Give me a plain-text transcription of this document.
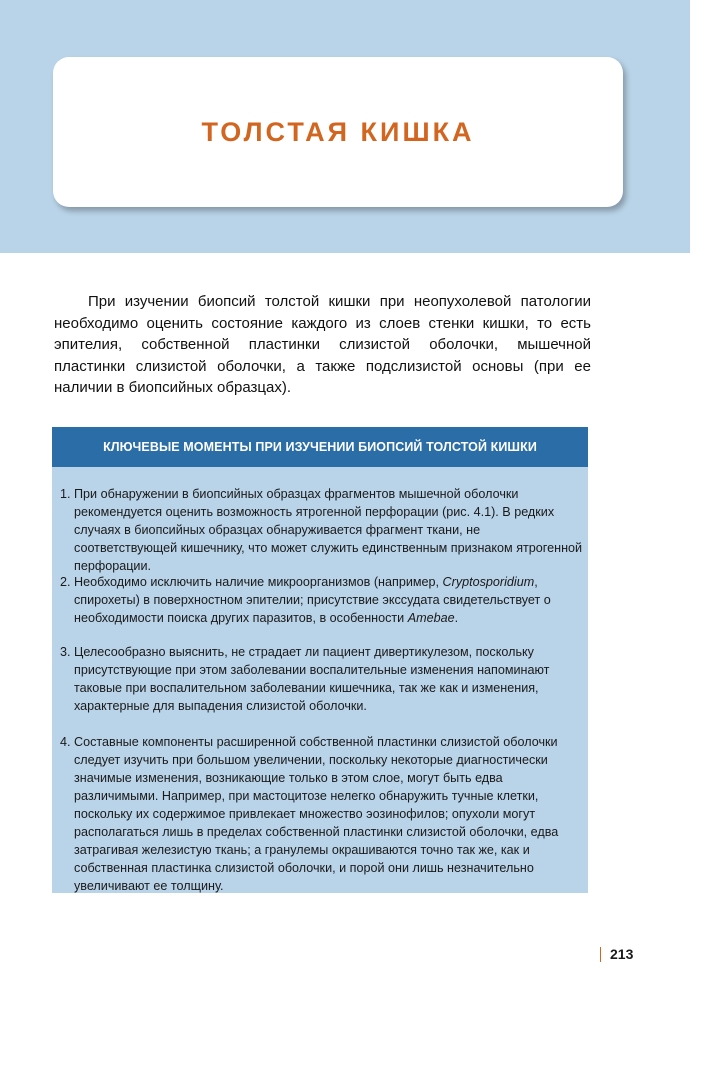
ТОЛСТАЯ КИШКА

При изучении биопсий толстой кишки при неопухолевой патологии необходимо оценить состояние каждого из слоев стенки кишки, то есть эпителия, собственной пластинки слизистой оболочки, мышечной пластинки слизистой оболочки, а также подслизистой основы (при ее наличии в биопсийных образцах).

КЛЮЧЕВЫЕ МОМЕНТЫ ПРИ ИЗУЧЕНИИ БИОПСИЙ ТОЛСТОЙ КИШКИ
1. При обнаружении в биопсийных образцах фрагментов мышечной оболочки рекомендуется оценить возможность ятрогенной перфорации (рис. 4.1). В редких случаях в биопсийных образцах обнаруживается фрагмент ткани, не соответствующей кишечнику, что может служить единственным признаком ятрогенной перфорации.
2. Необходимо исключить наличие микроорганизмов (например, Cryptosporidium, спирохеты) в поверхностном эпителии; присутствие экссудата свидетельствует о необходимости поиска других паразитов, в особенности Amebae.
3. Целесообразно выяснить, не страдает ли пациент дивертикулезом, поскольку присутствующие при этом заболевании воспалительные изменения напоминают таковые при воспалительном заболевании кишечника, так же как и изменения, характерные для выпадения слизистой оболочки.
4. Составные компоненты расширенной собственной пластинки слизистой оболочки следует изучить при большом увеличении, поскольку некоторые диагностически значимые изменения, возникающие только в этом слое, могут быть едва различимыми. Например, при мастоцитозе нелегко обнаружить тучные клетки, поскольку их содержимое привлекает множество эозинофилов; опухоли могут располагаться лишь в пределах собственной пластинки слизистой оболочки, едва затрагивая железистую ткань; а гранулемы окрашиваются точно так же, как и собственная пластинка слизистой оболочки, и порой они лишь незначительно увеличивают ее толщину.
213
